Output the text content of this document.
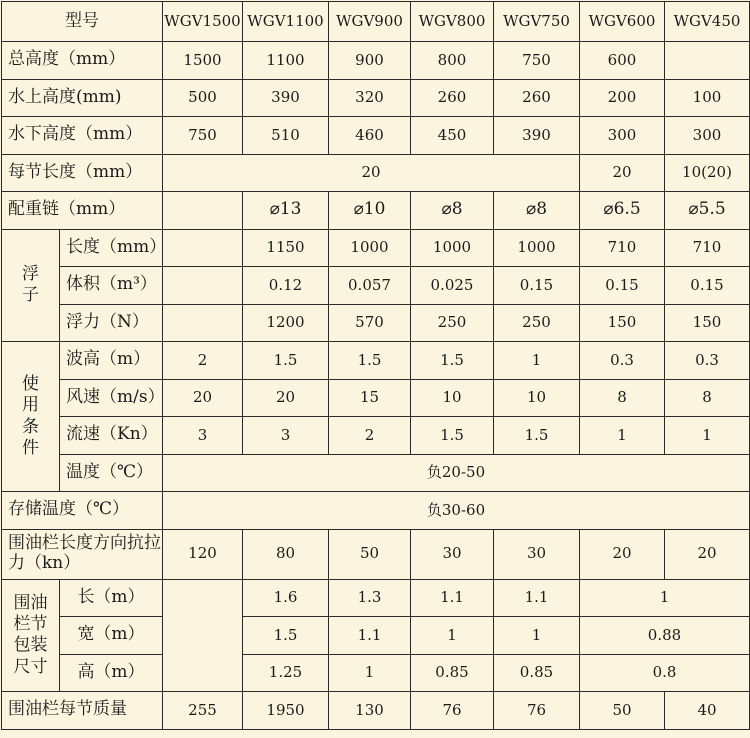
型号		WGV1500	WGV1100	WGV900	WGV800	WGV750	WGV600	WGV450
总高度（mm）		1500	1100	900	800	750	600	
水上高度(mm)		500	390	320	260	260	200	100
水下高度（mm）		750	510	460	450	390	300	300
每节长度（mm）		20					20	10(20)
配重链（mm）			⌀13	⌀10	⌀8	⌀8	⌀6.5	⌀5.5
浮子	长度（mm）		1150	1000	1000	1000	710	710
	体积（m³）		0.12	0.057	0.025	0.15	0.15	0.15
	浮力（N）		1200	570	250	250	150	150
使用条件	波高（m）	2	1.5	1.5	1.5	1	0.3	0.3
	风速（m/s）	20	20	15	10	10	8	8
	流速（Kn）	3	3	2	1.5	1.5	1	1
	温度（℃）	负20-50						
存储温度（℃）		负30-60						
围油栏长度方向抗拉力（kn）		120	80	50	30	30	20	20
围油栏节包装尺寸	长（m）		1.6	1.3	1.1	1.1	1	
	宽（m）		1.5	1.1	1	1	0.88	
	高（m）		1.25	1	0.85	0.85	0.8	
围油栏每节质量		255	1950	130	76	76	50	40
